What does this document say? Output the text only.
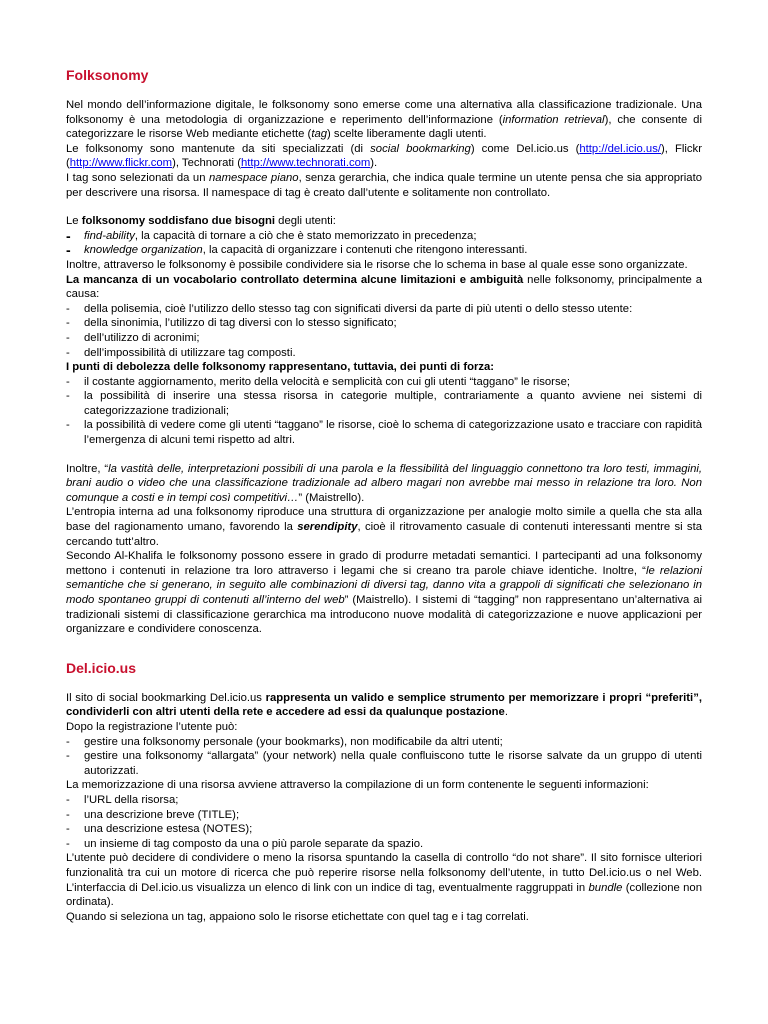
Folksonomy

Nel mondo dell’informazione digitale, le folksonomy sono emerse come una alternativa alla classificazione tradizionale. Una folksonomy è una metodologia di organizzazione e reperimento dell’informazione (information retrieval), che consente di categorizzare le risorse Web mediante etichette (tag) scelte liberamente dagli utenti.
Le folksonomy sono mantenute da siti specializzati (di social bookmarking) come Del.icio.us (http://del.icio.us/), Flickr (http://www.flickr.com), Technorati (http://www.technorati.com).
I tag sono selezionati da un namespace piano, senza gerarchia, che indica quale termine un utente pensa che sia appropriato per descrivere una risorsa. Il namespace di tag è creato dall’utente e solitamente non controllato.

Le folksonomy soddisfano due bisogni degli utenti:

- find-ability, la capacità di tornare a ciò che è stato memorizzato in precedenza;
- knowledge organization, la capacità di organizzare i contenuti che ritengono interessanti.

Inoltre, attraverso le folksonomy è possibile condividere sia le risorse che lo schema in base al quale esse sono organizzate.

La mancanza di un vocabolario controllato determina alcune limitazioni e ambiguità nelle folksonomy, principalmente a causa:

- della polisemia, cioè l’utilizzo dello stesso tag con significati diversi da parte di più utenti o dello stesso utente:
- della sinonimia, l’utilizzo di tag diversi con lo stesso significato;
- dell’utilizzo di acronimi;
- dell’impossibilità di utilizzare tag composti.

I punti di debolezza delle folksonomy rappresentano, tuttavia, dei punti di forza:

- il costante aggiornamento, merito della velocità e semplicità con cui gli utenti “taggano” le risorse;
- la possibilità di inserire una stessa risorsa in categorie multiple, contrariamente a quanto avviene nei sistemi di categorizzazione tradizionali;
- la possibilità di vedere come gli utenti “taggano” le risorse, cioè lo schema di categorizzazione usato e tracciare con rapidità l’emergenza di alcuni temi rispetto ad altri.

Inoltre, “la vastità delle, interpretazioni possibili di una parola e la flessibilità del linguaggio connettono tra loro testi, immagini, brani audio o video che una classificazione tradizionale ad albero magari non avrebbe mai messo in relazione tra loro. Non comunque a costi e in tempi così competitivi…” (Maistrello).

L’entropia interna ad una folksonomy riproduce una struttura di organizzazione per analogie molto simile a quella che sta alla base del ragionamento umano, favorendo la serendipity, cioè il ritrovamento casuale di contenuti interessanti mentre si sta cercando tutt’altro.

Secondo Al-Khalifa le folksonomy possono essere in grado di produrre metadati semantici. I partecipanti ad una folksonomy mettono i contenuti in relazione tra loro attraverso i legami che si creano tra parole chiave identiche. Inoltre, “le relazioni semantiche che si generano, in seguito alle combinazioni di diversi tag, danno vita a grappoli di significati che selezionano in modo spontaneo gruppi di contenuti all’interno del web” (Maistrello). I sistemi di “tagging” non rappresentano un’alternativa ai tradizionali sistemi di classificazione gerarchica ma introducono nuove modalità di categorizzazione e nuove applicazioni per organizzare e condividere conoscenza.

Del.icio.us

Il sito di social bookmarking Del.icio.us rappresenta un valido e semplice strumento per memorizzare i propri “preferiti”, condividerli con altri utenti della rete e accedere ad essi da qualunque postazione.

Dopo la registrazione l’utente può:

- gestire una folksonomy personale (your bookmarks), non modificabile da altri utenti;
- gestire una folksonomy “allargata” (your network) nella quale confluiscono tutte le risorse salvate da un gruppo di utenti autorizzati.

La memorizzazione di una risorsa avviene attraverso la compilazione di un form contenente le seguenti informazioni:

- l’URL della risorsa;
- una descrizione breve (TITLE);
- una descrizione estesa (NOTES);
- un insieme di tag composto da una o più parole separate da spazio.

L’utente può decidere di condividere o meno la risorsa spuntando la casella di controllo “do not share”. Il sito fornisce ulteriori funzionalità tra cui un motore di ricerca che può reperire risorse nella folksonomy dell’utente, in tutto Del.icio.us o nel Web. L’interfaccia di Del.icio.us visualizza un elenco di link con un indice di tag, eventualmente raggruppati in bundle (collezione non ordinata).

Quando si seleziona un tag, appaiono solo le risorse etichettate con quel tag e i tag correlati.
